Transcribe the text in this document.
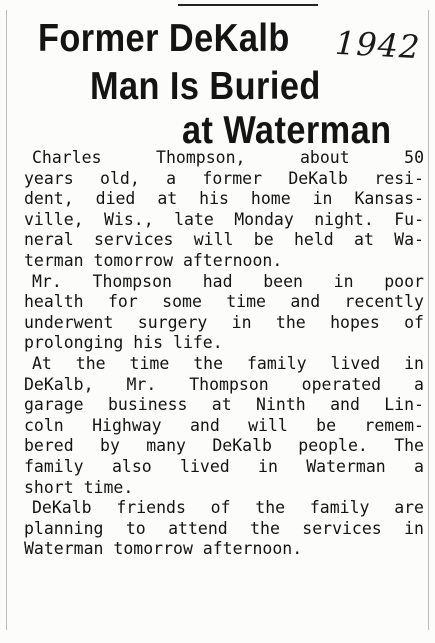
Former DeKalb
Man Is Buried
at Waterman
1942
Charles Thompson, about 50
years old, a former DeKalb resi-
dent, died at his home in Kansas-
ville, Wis., late Monday night. Fu-
neral services will be held at Wa-
terman tomorrow afternoon.
Mr. Thompson had been in poor
health for some time and recently
underwent surgery in the hopes of
prolonging his life.
At the time the family lived in
DeKalb, Mr. Thompson operated a
garage business at Ninth and Lin-
coln Highway and will be remem-
bered by many DeKalb people. The
family also lived in Waterman a
short time.
DeKalb friends of the family are
planning to attend the services in
Waterman tomorrow afternoon.
